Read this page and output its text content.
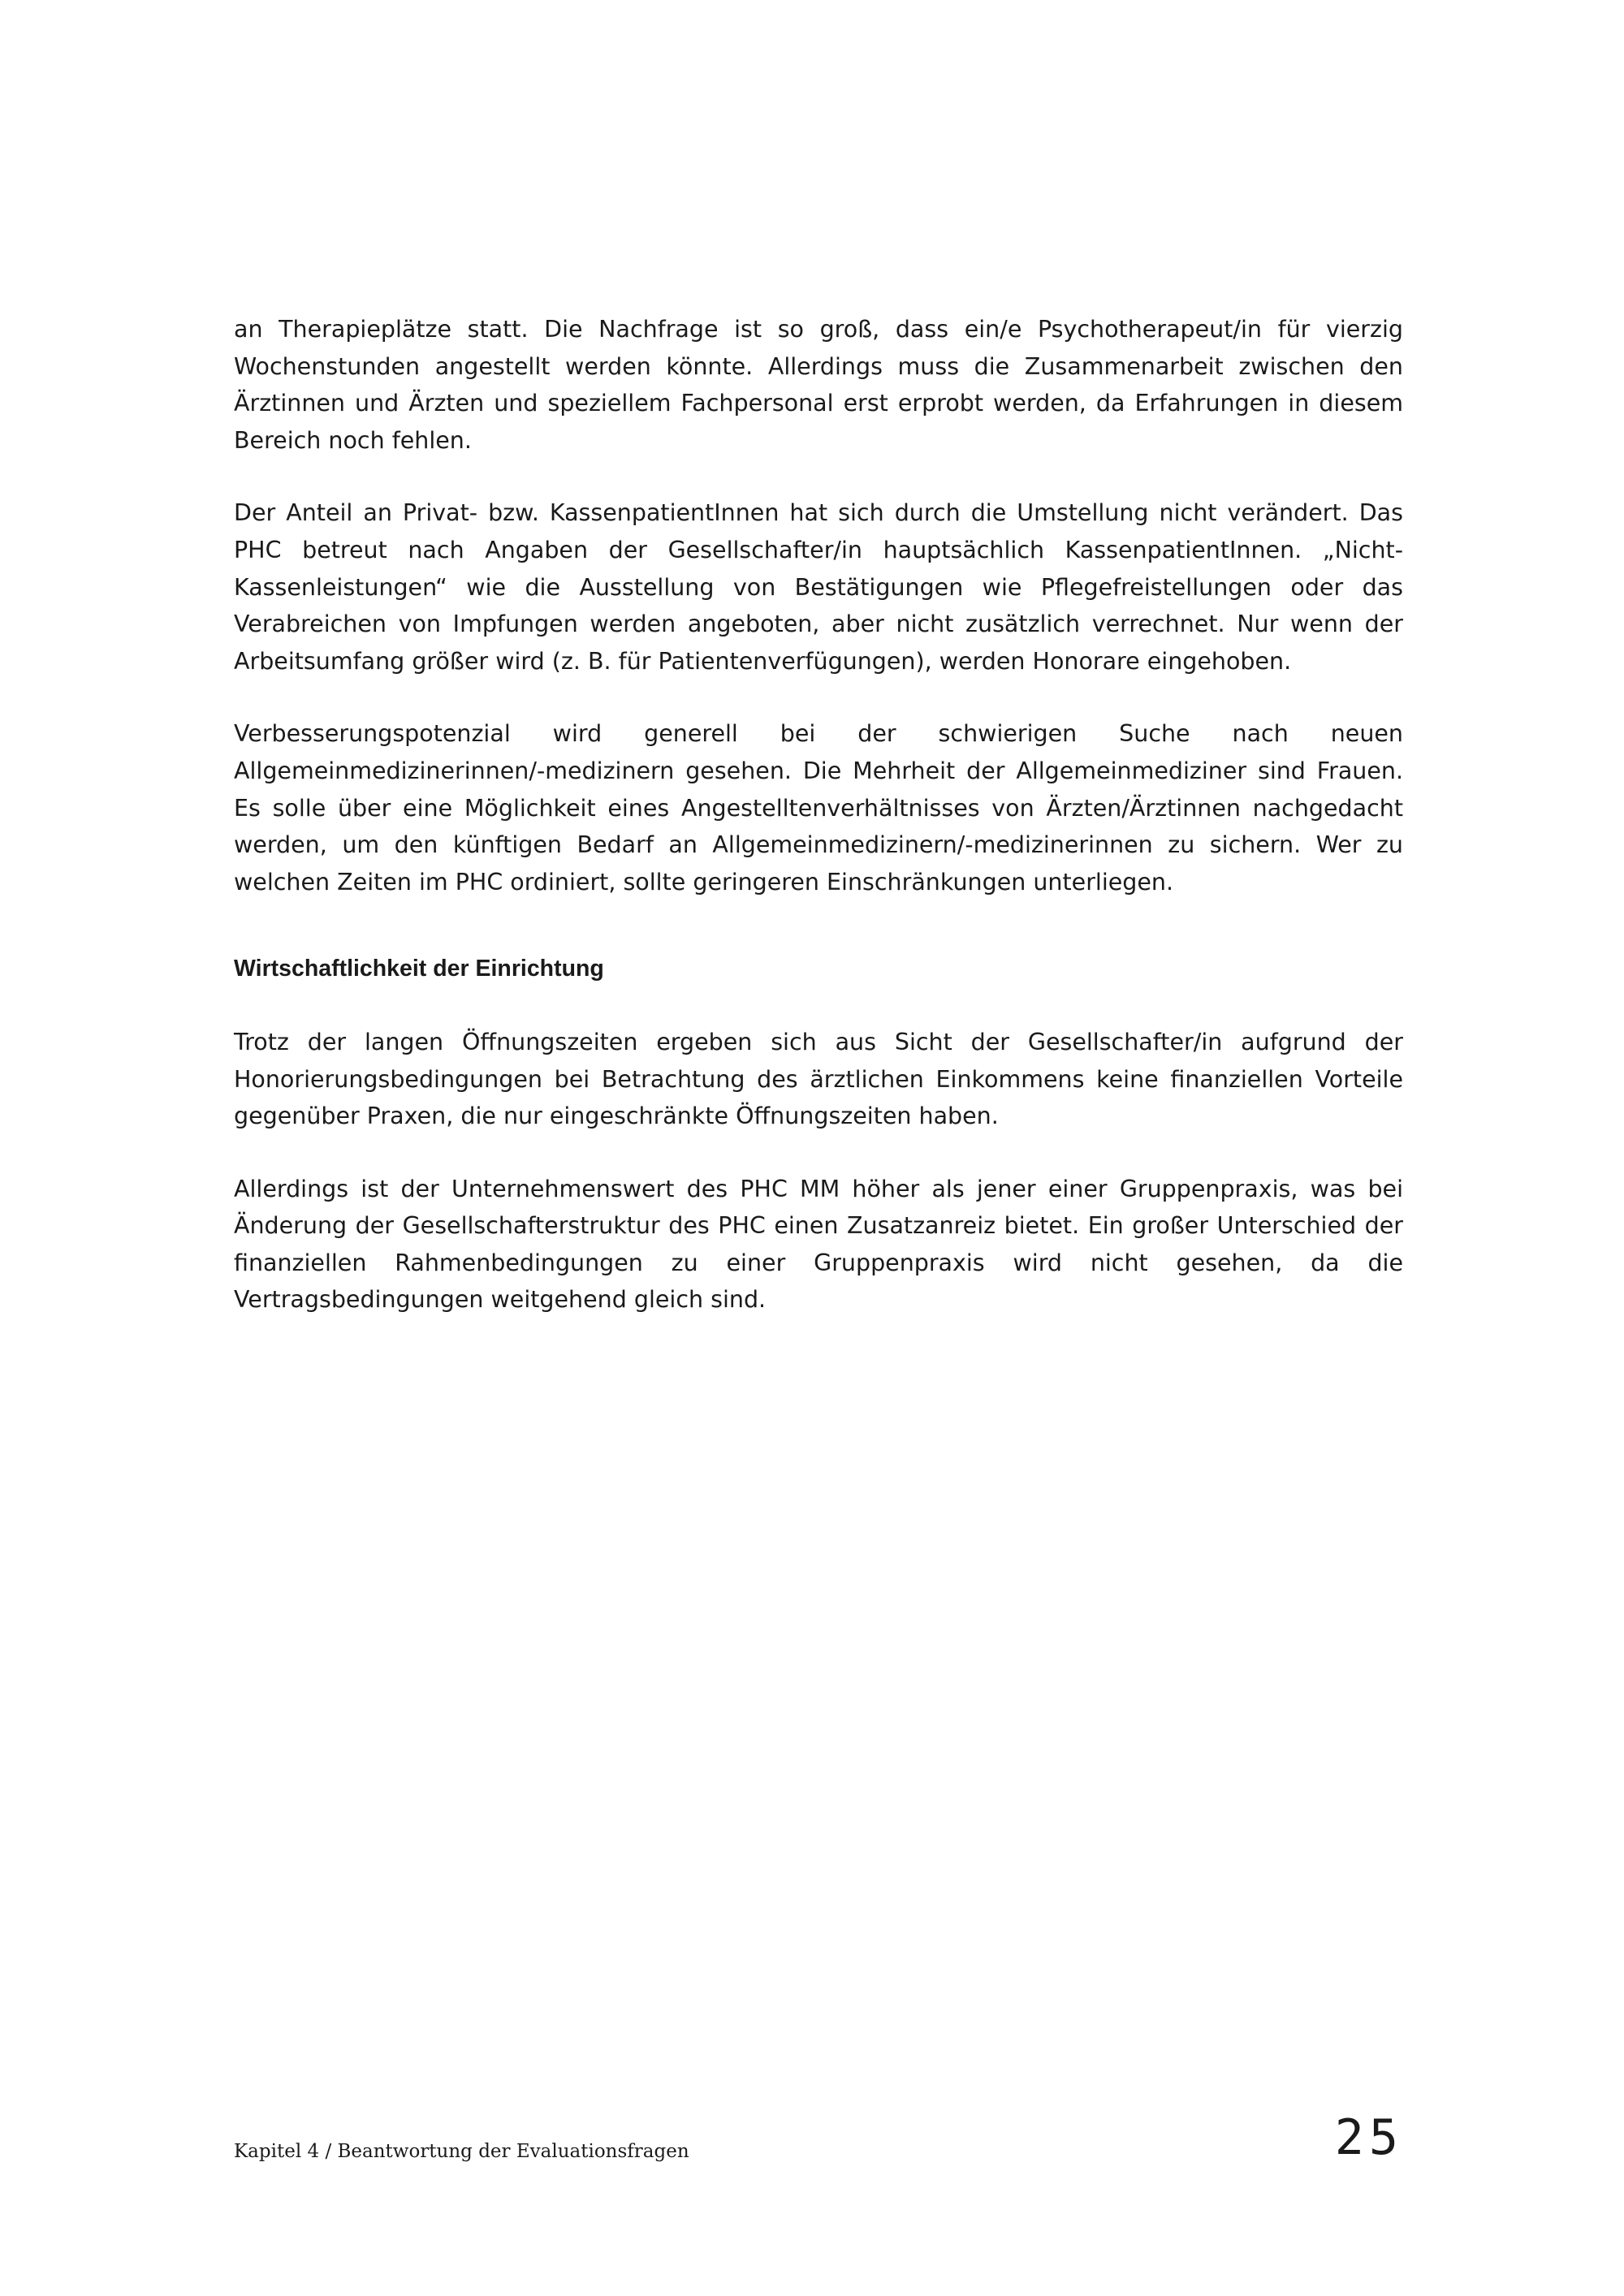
an Therapieplätze statt. Die Nachfrage ist so groß, dass ein/e Psychotherapeut/in für vierzig Wochenstunden angestellt werden könnte. Allerdings muss die Zusammenarbeit zwischen den Ärztinnen und Ärzten und speziellem Fachpersonal erst erprobt werden, da Erfahrungen in diesem Bereich noch fehlen.

Der Anteil an Privat- bzw. KassenpatientInnen hat sich durch die Umstellung nicht verändert. Das PHC betreut nach Angaben der Gesellschafter/in hauptsächlich KassenpatientInnen. „Nicht-Kassenleistungen“ wie die Ausstellung von Bestätigungen wie Pflegefreistellungen oder das Verabreichen von Impfungen werden angeboten, aber nicht zusätzlich verrechnet. Nur wenn der Arbeitsumfang größer wird (z. B. für Patientenverfügungen), werden Honorare eingehoben.

Verbesserungspotenzial wird generell bei der schwierigen Suche nach neuen Allgemeinmedizinerinnen/-medizinern gesehen. Die Mehrheit der Allgemeinmediziner sind Frauen. Es solle über eine Möglichkeit eines Angestelltenverhältnisses von Ärzten/Ärztinnen nachgedacht werden, um den künftigen Bedarf an Allgemeinmedizinern/-medizinerinnen zu sichern. Wer zu welchen Zeiten im PHC ordiniert, sollte geringeren Einschränkungen unterliegen.

Wirtschaftlichkeit der Einrichtung

Trotz der langen Öffnungszeiten ergeben sich aus Sicht der Gesellschafter/in aufgrund der Honorierungsbedingungen bei Betrachtung des ärztlichen Einkommens keine finanziellen Vorteile gegenüber Praxen, die nur eingeschränkte Öffnungszeiten haben.

Allerdings ist der Unternehmenswert des PHC MM höher als jener einer Gruppenpraxis, was bei Änderung der Gesellschafterstruktur des PHC einen Zusatzanreiz bietet. Ein großer Unterschied der finanziellen Rahmenbedingungen zu einer Gruppenpraxis wird nicht gesehen, da die Vertragsbedingungen weitgehend gleich sind.

Kapitel 4 / Beantwortung der Evaluationsfragen	25
